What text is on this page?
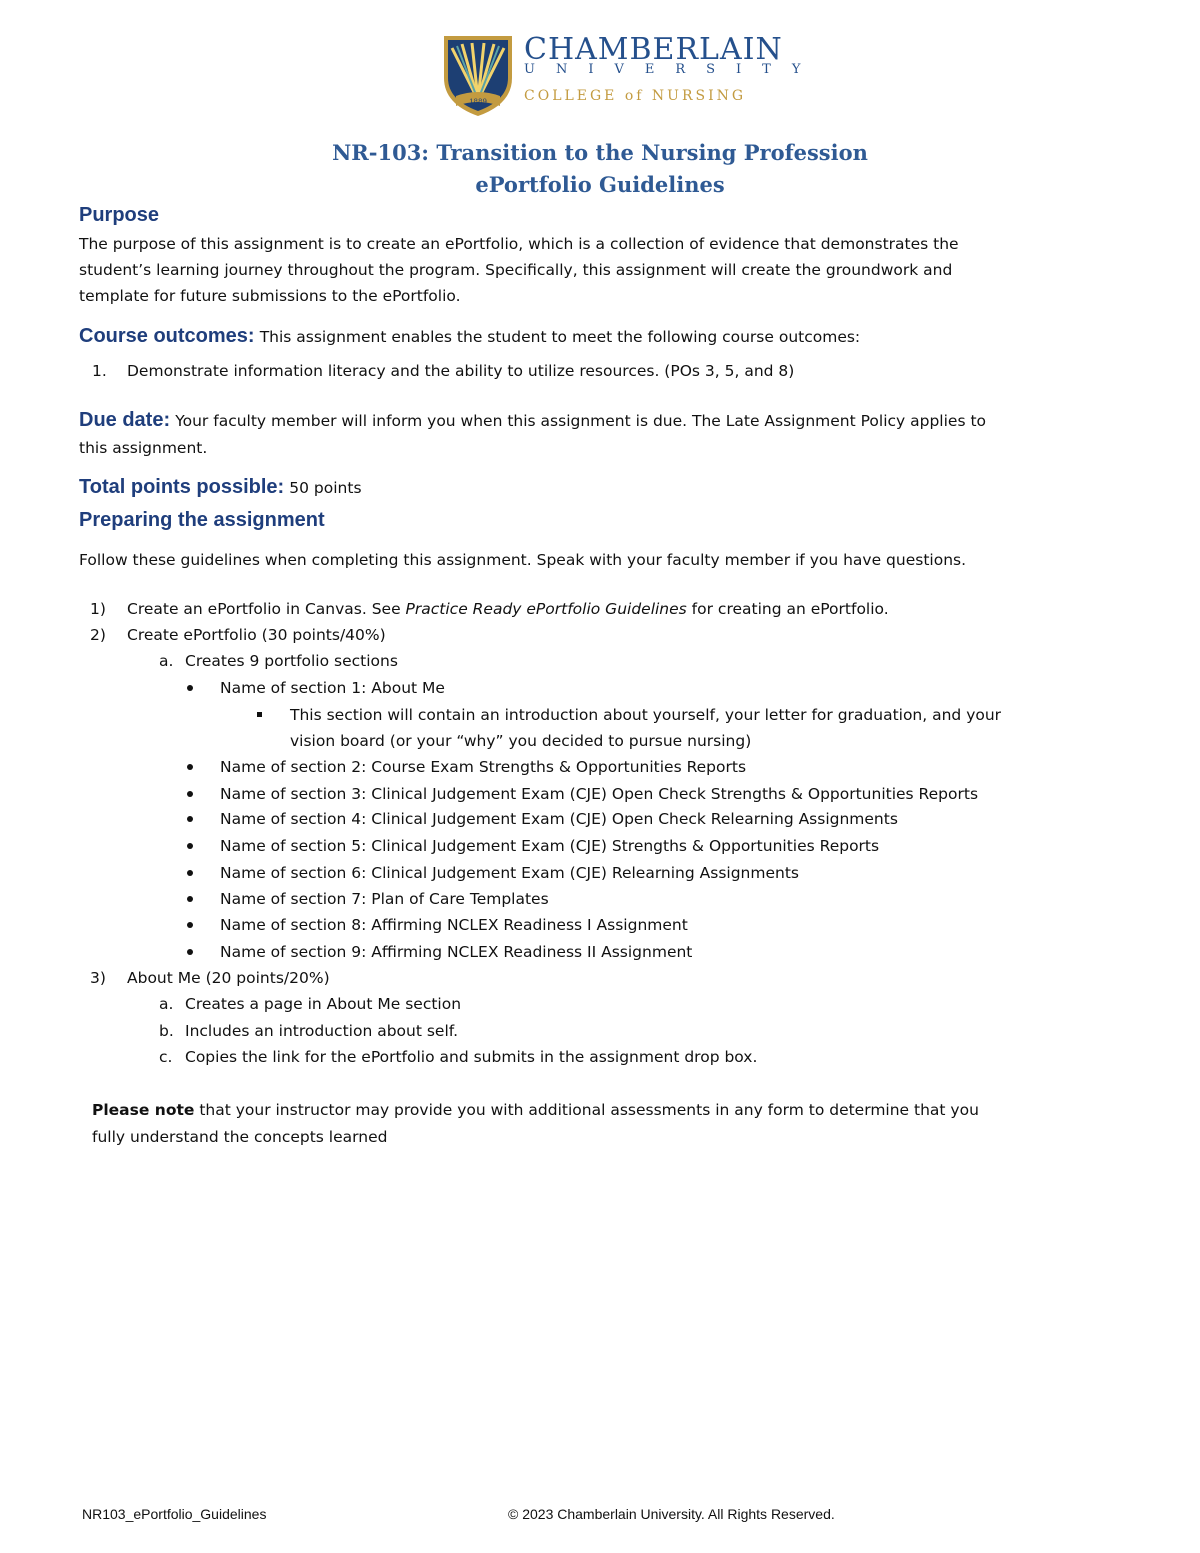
1889
CHAMBERLAIN
UNIVERSITY
COLLEGE of NURSING
NR-103: Transition to the Nursing Profession
ePortfolio Guidelines
Purpose
The purpose of this assignment is to create an ePortfolio, which is a collection of evidence that demonstrates the
student’s learning journey throughout the program. Specifically, this assignment will create the groundwork and
template for future submissions to the ePortfolio.
Course outcomes: This assignment enables the student to meet the following course outcomes:
1. Demonstrate information literacy and the ability to utilize resources. (POs 3, 5, and 8)
Due date: Your faculty member will inform you when this assignment is due. The Late Assignment Policy applies to
this assignment.
Total points possible: 50 points
Preparing the assignment
Follow these guidelines when completing this assignment. Speak with your faculty member if you have questions.
1) Create an ePortfolio in Canvas. See Practice Ready ePortfolio Guidelines for creating an ePortfolio.
2) Create ePortfolio (30 points/40%)
a. Creates 9 portfolio sections
Name of section 1: About Me
This section will contain an introduction about yourself, your letter for graduation, and your
vision board (or your “why” you decided to pursue nursing)
Name of section 2: Course Exam Strengths & Opportunities Reports
Name of section 3: Clinical Judgement Exam (CJE) Open Check Strengths & Opportunities Reports
Name of section 4: Clinical Judgement Exam (CJE) Open Check Relearning Assignments
Name of section 5: Clinical Judgement Exam (CJE) Strengths & Opportunities Reports
Name of section 6: Clinical Judgement Exam (CJE) Relearning Assignments
Name of section 7: Plan of Care Templates
Name of section 8: Affirming NCLEX Readiness I Assignment
Name of section 9: Affirming NCLEX Readiness II Assignment
3) About Me (20 points/20%)
a. Creates a page in About Me section
b. Includes an introduction about self.
c. Copies the link for the ePortfolio and submits in the assignment drop box.
Please note that your instructor may provide you with additional assessments in any form to determine that you
fully understand the concepts learned
NR103_ePortfolio_Guidelines	© 2023 Chamberlain University. All Rights Reserved.
